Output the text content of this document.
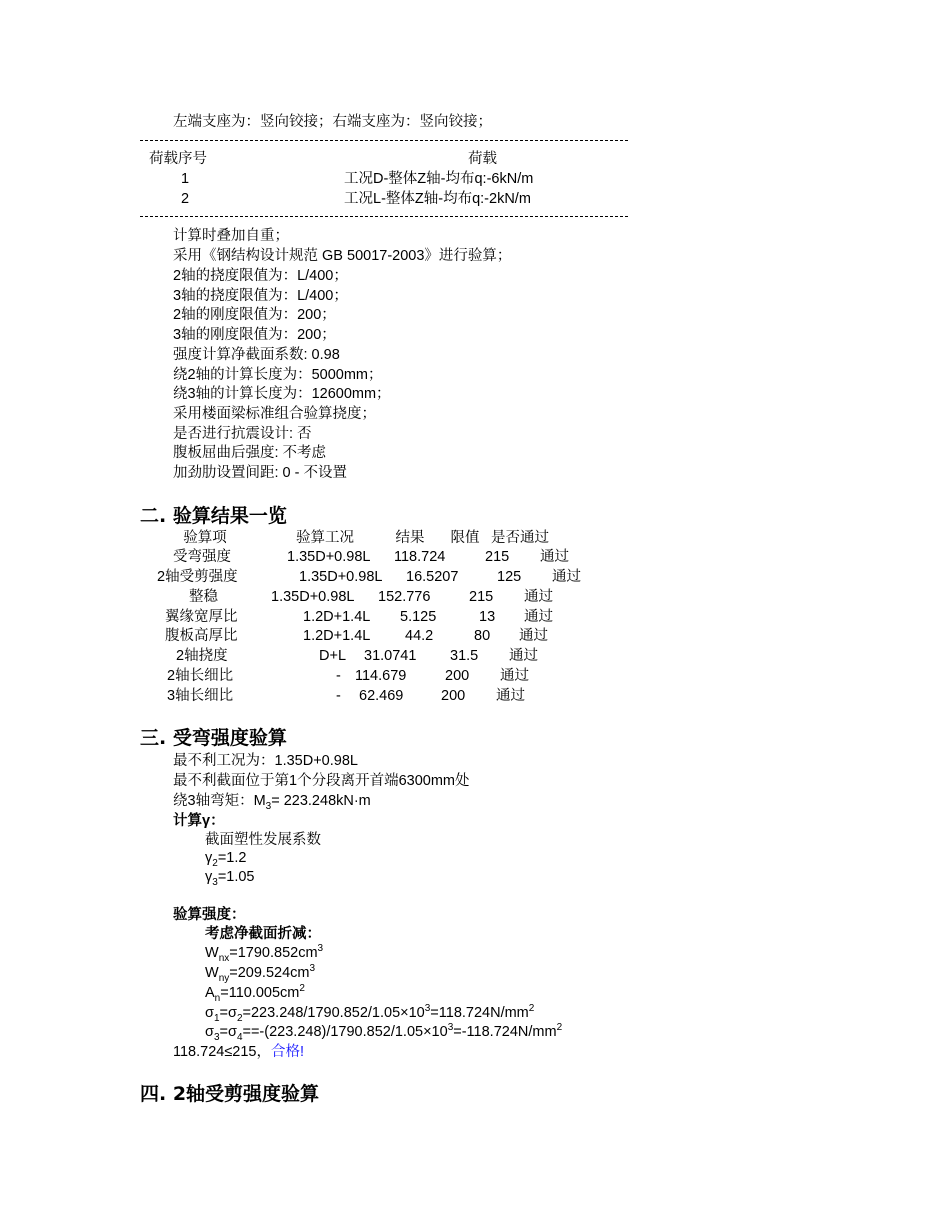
左端支座为：竖向铰接；右端支座为：竖向铰接；
荷载序号	荷载
1	工况D-整体Z轴-均布q:-6kN/m
2	工况L-整体Z轴-均布q:-2kN/m
计算时叠加自重；
采用《钢结构设计规范 GB 50017-2003》进行验算；
2轴的挠度限值为：L/400；
3轴的挠度限值为：L/400；
2轴的刚度限值为：200；
3轴的刚度限值为：200；
强度计算净截面系数: 0.98
绕2轴的计算长度为：5000mm；
绕3轴的计算长度为：12600mm；
采用楼面梁标准组合验算挠度；
是否进行抗震设计: 否
腹板屈曲后强度: 不考虑
加劲肋设置间距: 0 - 不设置
二. 验算结果一览
验算项	验算工况	结果	限值 是否通过
受弯强度	1.35D+0.98L 118.724	215 通过
2轴受剪强度	1.35D+0.98L 16.5207	125 通过
整稳	1.35D+0.98L 152.776	215 通过
翼缘宽厚比	1.2D+1.4L 5.125	13 通过
腹板高厚比	1.2D+1.4L 44.2	80 通过
2轴挠度	D+L 31.0741 31.5 通过
2轴长细比	- 114.679	200 通过
3轴长细比	- 62.469	200 通过
三. 受弯强度验算
最不利工况为：1.35D+0.98L
最不利截面位于第1个分段离开首端6300mm处
绕3轴弯矩：$M_3= 223.248kN\cdot m$
计算γ：
截面塑性发展系数
$\gamma_2=1.2$
$\gamma_3=1.05$
验算强度：
考虑净截面折减：
$W_{nx}=1790.852cm^3$
$W_{ny}=209.524cm^3$
$A_n=110.005cm^2$
$\sigma_1=\sigma_2=223.248/1790.852/1.05\times 10^3=118.724N/mm^2$
$\sigma_3=\sigma_4==-(223.248)/1790.852/1.05\times 10^3=-118.724N/mm^2$
118.724≤215，合格!
四. 2轴受剪强度验算
